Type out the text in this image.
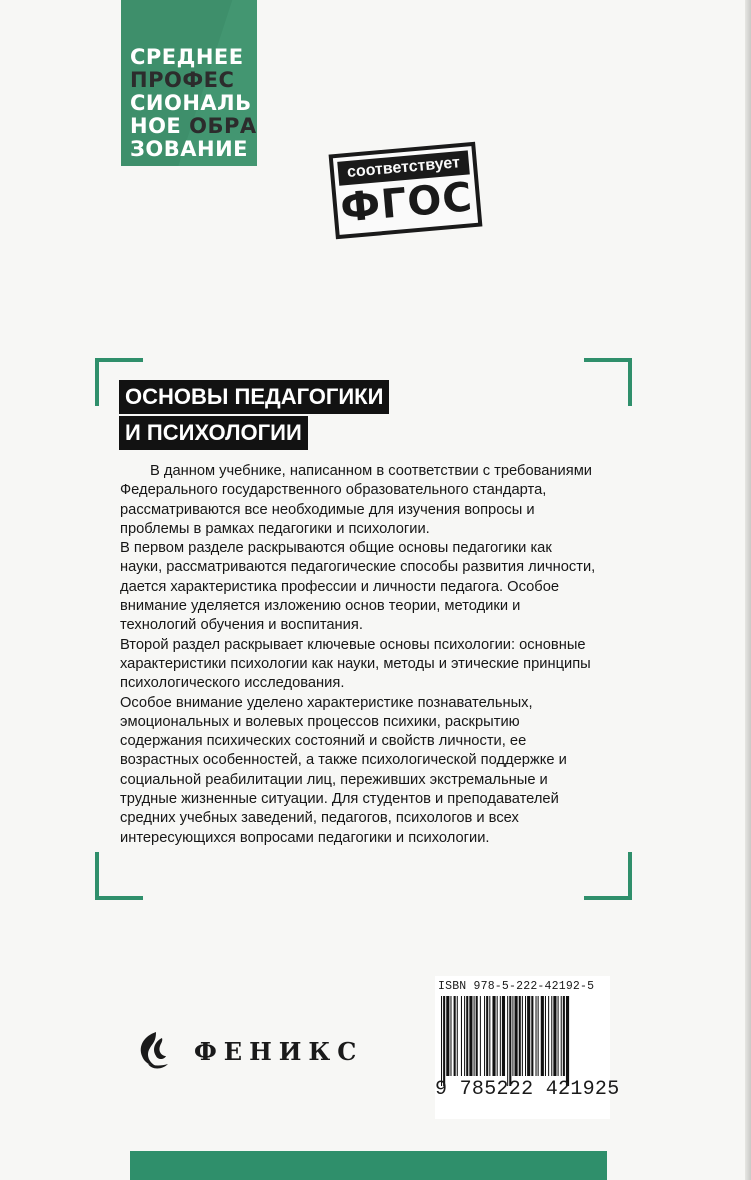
СРЕДНЕЕ
ПРОФЕС
СИОНАЛЬ
НОЕ ОБРА
ЗОВАНИЕ
соответствует
ФГОС
ОСНОВЫ ПЕДАГОГИКИ
И ПСИХОЛОГИИ

В данном учебнике, написанном в соответствии с требованиями Федерального государственного образовательного стандарта, рассматриваются все необходимые для изучения вопросы и проблемы в рамках педагогики и психологии.

В первом разделе раскрываются общие основы педагогики как науки, рассматриваются педагогические способы развития личности, дается характеристика профессии и личности педагога. Особое внимание уделяется изложению основ теории, методики и технологий обучения и воспитания.

Второй раздел раскрывает ключевые основы психологии: основные характеристики психологии как науки, методы и этические принципы психологического исследования.

Особое внимание уделено характеристике познавательных, эмоциональных и волевых процессов психики, раскрытию содержания психических состояний и свойств личности, ее возрастных особенностей, а также психологической поддержке и социальной реабилитации лиц, переживших экстремальные и трудные жизненные ситуации. Для студентов и преподавателей средних учебных заведений, педагогов, психологов и всех интересующихся вопросами педагогики и психологии.

ФЕНИКС
ISBN 978-5-222-42192-5
9 785222 421925
